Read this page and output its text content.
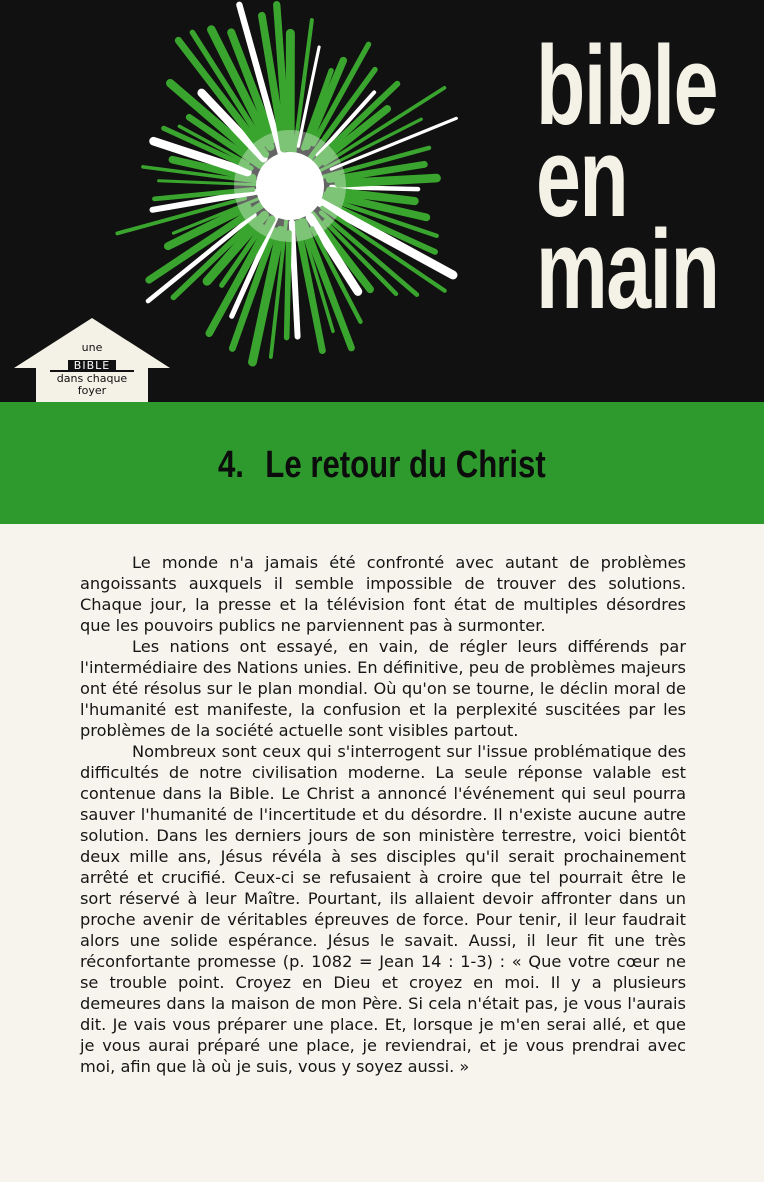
bible
en
main
une
BIBLE
dans chaque
foyer
4. Le retour du Christ

Le monde n'a jamais été confronté avec autant de problèmes angoissants auxquels il semble impossible de trouver des solutions. Chaque jour, la presse et la télévision font état de multiples désordres que les pouvoirs publics ne parviennent pas à surmonter.

Les nations ont essayé, en vain, de régler leurs différends par l'intermédiaire des Nations unies. En définitive, peu de problèmes majeurs ont été résolus sur le plan mondial. Où qu'on se tourne, le déclin moral de l'humanité est manifeste, la confusion et la perplexité suscitées par les problèmes de la société actuelle sont visibles partout.

Nombreux sont ceux qui s'interrogent sur l'issue problématique des difficultés de notre civilisation moderne. La seule réponse valable est contenue dans la Bible. Le Christ a annoncé l'événement qui seul pourra sauver l'humanité de l'incertitude et du désordre. Il n'existe aucune autre solution. Dans les derniers jours de son ministère terrestre, voici bientôt deux mille ans, Jésus révéla à ses disciples qu'il serait prochainement arrêté et crucifié. Ceux-ci se refusaient à croire que tel pourrait être le sort réservé à leur Maître. Pourtant, ils allaient devoir affronter dans un proche avenir de véritables épreuves de force. Pour tenir, il leur faudrait alors une solide espérance. Jésus le savait. Aussi, il leur fit une très réconfortante promesse (p. 1082 = Jean 14 : 1-3) : « Que votre cœur ne se trouble point. Croyez en Dieu et croyez en moi. Il y a plusieurs demeures dans la maison de mon Père. Si cela n'était pas, je vous l'aurais dit. Je vais vous préparer une place. Et, lorsque je m'en serai allé, et que je vous aurai préparé une place, je reviendrai, et je vous prendrai avec moi, afin que là où je suis, vous y soyez aussi. »
